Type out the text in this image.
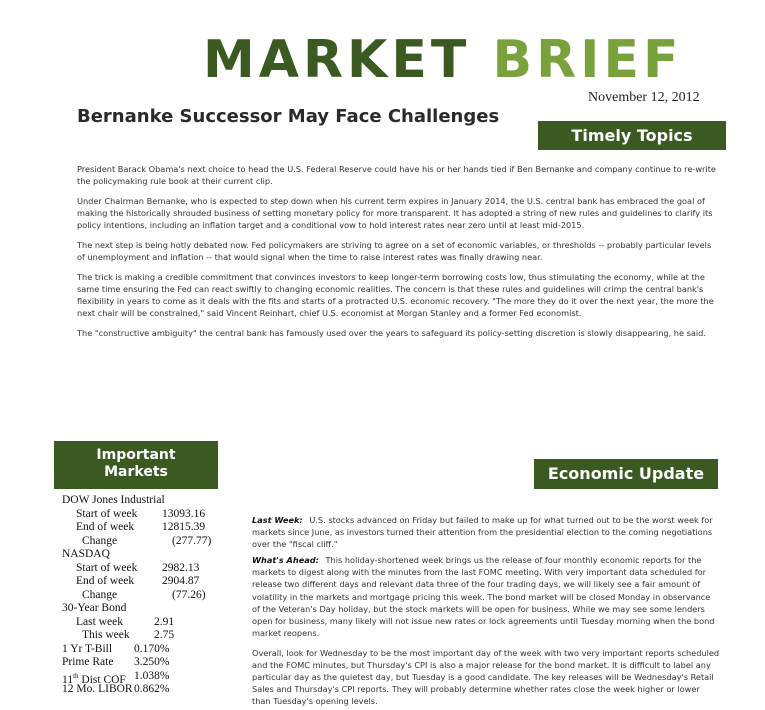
MARKET BRIEF
November 12, 2012
Bernanke Successor May Face Challenges
Timely Topics

President Barack Obama's next choice to head the U.S. Federal Reserve could have his or her hands tied if Ben Bernanke and company continue to re-write the policymaking rule book at their current clip.

Under Chairman Bernanke, who is expected to step down when his current term expires in January 2014, the U.S. central bank has embraced the goal of making the historically shrouded business of setting monetary policy for more transparent. It has adopted a string of new rules and guidelines to clarify its policy intentions, including an inflation target and a conditional vow to hold interest rates near zero until at least mid-2015.

The next step is being hotly debated now. Fed policymakers are striving to agree on a set of economic variables, or thresholds -- probably particular levels of unemployment and inflation -- that would signal when the time to raise interest rates was finally drawing near.

The trick is making a credible commitment that convinces investors to keep longer-term borrowing costs low, thus stimulating the economy, while at the same time ensuring the Fed can react swiftly to changing economic realities. The concern is that these rules and guidelines will crimp the central bank's flexibility in years to come as it deals with the fits and starts of a protracted U.S. economic recovery. "The more they do it over the next year, the more the next chair will be constrained," said Vincent Reinhart, chief U.S. economist at Morgan Stanley and a former Fed economist.

The "constructive ambiguity" the central bank has famously used over the years to safeguard its policy-setting discretion is slowly disappearing, he said.

Important
Markets
DOW Jones Industrial
Start of week 13093.16
End of week 12815.39
Change	(277.77)
NASDAQ
Start of week 2982.13
End of week 2904.87
Change	(77.26)
30-Year Bond
Last week	2.91
This week 2.75
1 Yr T-Bill 0.170%
Prime Rate 3.250%
11th Dist COF 1.038%
12 Mo. LIBOR 0.862%
Economic Update

Last Week: U.S. stocks advanced on Friday but failed to make up for what turned out to be the worst week for markets since June, as investors turned their attention from the presidential election to the coming negotiations over the "fiscal cliff."

What's Ahead: This holiday-shortened week brings us the release of four monthly economic reports for the markets to digest along with the minutes from the last FOMC meeting. With very important data scheduled for release two different days and relevant data three of the four trading days, we will likely see a fair amount of volatility in the markets and mortgage pricing this week. The bond market will be closed Monday in observance of the Veteran's Day holiday, but the stock markets will be open for business. While we may see some lenders open for business, many likely will not issue new rates or lock agreements until Tuesday morning when the bond market reopens.

Overall, look for Wednesday to be the most important day of the week with two very important reports scheduled and the FOMC minutes, but Thursday's CPI is also a major release for the bond market. It is difficult to label any particular day as the quietest day, but Tuesday is a good candidate. The key releases will be Wednesday's Retail Sales and Thursday's CPI reports. They will probably determine whether rates close the week higher or lower than Tuesday's opening levels.
